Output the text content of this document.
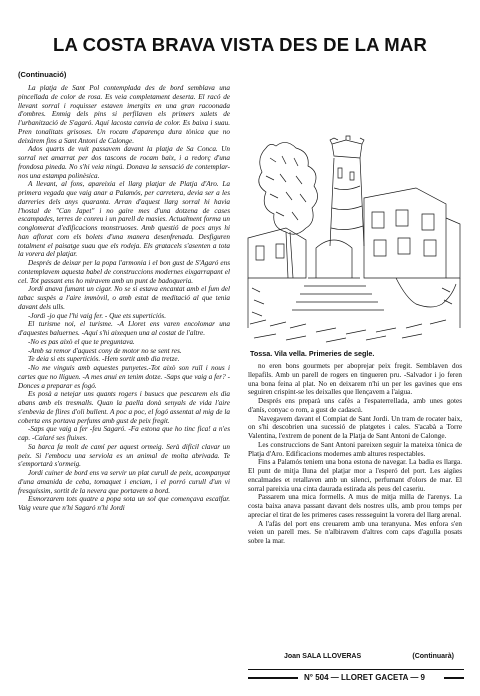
LA COSTA BRAVA VISTA DES DE LA MAR
(Continuació)

La platja de Sant Pol contemplada des de bord semblava una pincellada de color de rosa. Es veia completament deserta. El racó de llevant sorral i roquisser estaven imergits en una gran racoonada d'ombres. Enmig dels pins si perfilaven els primers xalets de l'urbanització de S'agaró. Aquí lacosta canvia de color. Es baixa i suau. Pren tonalitats grisoses. Un rocam d'aparença dura tònica que no deixàrem fins a Sant Antoni de Calonge.

Ados quarts de vuit passavem davant la platja de Sa Conca. Un sorral net amarrat per dos tascons de rocam baix, i a redorç d'una frondosa pineda. No s'hi veia ningú. Donava la sensació de contemplar-nos una estampa polinèsica.

A llevant, al fons, apareixia el llarg platjar de Platja d'Aro. La primera vegada que vaig anar a Palamós, per carretera, devia ser a les darreries dels anys quaranta. Arran d'aquest llarg sorral hi havia l'hostal de "Can Japet" i no gaire mes d'una dotzena de cases escampades, terres de conreu i un parell de masies. Actualment forma un conglomerat d'edificacions monstruoses. Amb questió de pocs anys hi han aflorat com els bolets d'una manera desenfrenada. Desfiguren totalment el paisatge suau que els rodeja. Els gratacels s'asenten a tota la vorera del platjar.

Després de deixar per la popa l'armonia i el bon gust de S'Agaró ens contemplavem aquesta babel de construccions modernes eixgarrapant el cel. Tot passant ens ho miravem amb un punt de badoqueria.

Jordi anava fumant un cigar. No se si estava encantat amb el fum del tabac suspès a l'aire immòvil, o amb estat de meditació al que tenia davant dels ulls.

-Jordi -jo que l'hi vaig fer. - Que ets superticiós.

El turisme noi, el turisme. -A Lloret ens varen encolomar una d'aquestes baluernes. -Aquí s'hi aixequen una al costat de l'altre.

-No es pas això el que te preguntava.

-Amb sa remor d'aquest cony de motor no se sent res.

Te deia si ets superticiós. -Hem sortit amb dia tretze.

-No me vinguis amb aquestes punyetes.-Tot això son ruïl i nous i cartes que no lliguen. -A mes anui en tenim dotze. -Saps que vaig a fer? -Donces a preparar es fogó.

Es posà a netejar uns quants rogers i busucs que pescarem els dia abans amb els tresmalls. Quan la paella donà senyals de vida l'aire s'enbevia de flires d'oli bullent. A poc a poc, el fogó assentat al mig de la coberta ens portava perfums amb gust de peix fregit.

-Saps que vaig a fer -feu Sagaró. -Fa estona que ho tinc fica! a n'es cap. -Calaré ses fluixes.

Sa barca fa molt de camí per aquest ormeig. Serà difícil clavar un peix. Si l'embocu una serviola es un animal de molta abrivada. Te s'emportarà s'ormeig.

Jordi cuiner de bord ens va servir un plat curull de peix, acompanyat d'una amanida de ceba, tomaquet i enciam, i el porró curull d'un vi fresquissim, sortit de la nevera que portavem a bord.

Esmorzarem tots quatre a popa sota un sol que començava escalfar. Vaig veure que n'hi Sagaró n'hi Jordi

Tossa. Vila vella. Primeries de segle.

no eren bons gourmets per aboprejar peix fregit. Semblaven dos llepafils. Amb un parell de rogers en tingueren pru. -Salvador i jo feren una bona feina al plat. No en deixarem n'hi un per les gavines que ens seguiren crispint-se les deixalles que llençavem a l'aigua.

Després ens preparà uns cafès a l'espaterrellada, amb unes gotes d'anís, conyac o rom, a gust de cadascú.

Navegavem davant el Compiat de Sant Jordi. Un tram de rocater baix, on s'hi descobrien una sucessió de platgetes i cales. S'acabà a Torre Valentina, l'extrem de ponent de la Platja de Sant Antoni de Calonge.

Les construccions de Sant Antoni pareixen seguir la mateixa tònica de Platja d'Aro. Edificacions modernes amb altures respectables.

Fins a Palamós teniem una bona estona de navegar. La badia es llarga. El punt de mitja lluna del platjar mor a l'esperó del port. Les aigües encalmades et retallaven amb un silenci, perfumant d'olors de mar. El sorral pareixia una cinta daurada estirada als peus del caseriu.

Passarem una mica forrnells. A mus de mitja milla de l'arenys. La costa baixa anava passant davant dels nostres ulls, amb prou temps per apreciar el tirat de les primeres cases ressseguint la vorera del llarg arenal.

A l'afàs del port ens creuarem amb una teranyuna. Mes enfora s'en veien un parell mes. Se n'albiravem d'altres com caps d'agulla posats sobre la mar.

Joan SALA LLOVERAS	(Continuarà)
N° 504 — LLORET GACETA — 9
